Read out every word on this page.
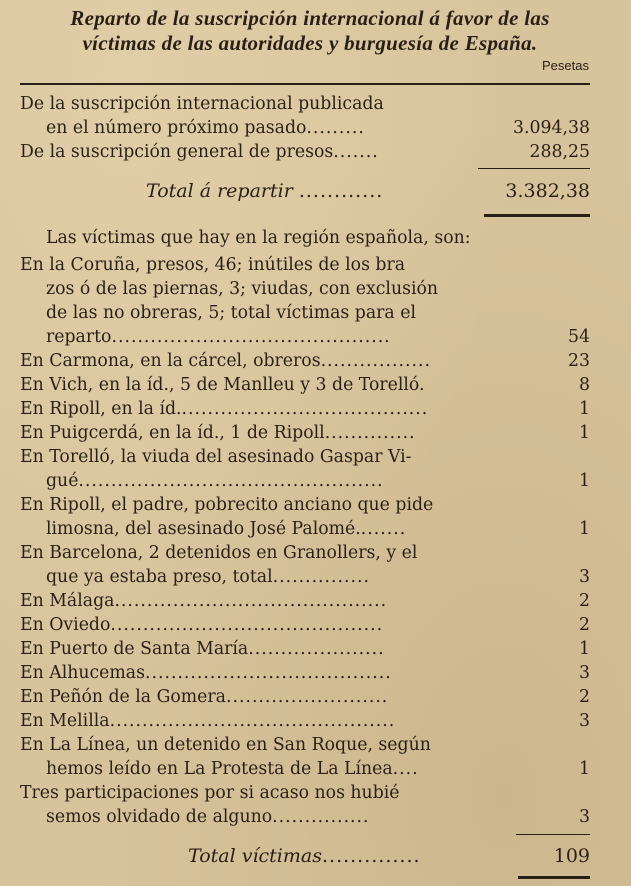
Reparto de la suscripción internacional á favor de las
víctimas de las autoridades y burguesía de España.
Pesetas
De la suscripción internacional publicada
en el número próximo pasado.........	3.094,38
De la suscripción general de presos.......	288,25
Total á repartir ............	3.382,38
Las víctimas que hay en la región española, son:
En la Coruña, presos, 46; inútiles de los bra
zos ó de las piernas, 3; viudas, con exclusión
de las no obreras, 5; total víctimas para el
reparto...........................................	54
En Carmona, en la cárcel, obreros.................	23
En Vich, en la íd., 5 de Manlleu y 3 de Torelló.	8
En Ripoll, en la íd.......................................	1
En Puigcerdá, en la íd., 1 de Ripoll..............	1
En Torelló, la viuda del asesinado Gaspar Vi-
gué...............................................	1
En Ripoll, el padre, pobrecito anciano que pide
limosna, del asesinado José Palomé........	1
En Barcelona, 2 detenidos en Granollers, y el
que ya estaba preso, total...............	3
En Málaga..........................................	2
En Oviedo..........................................	2
En Puerto de Santa María.....................	1
En Alhucemas......................................	3
En Peñón de la Gomera.........................	2
En Melilla............................................	3
En La Línea, un detenido en San Roque, según
hemos leído en La Protesta de La Línea....	1
Tres participaciones por si acaso nos hubié
semos olvidado de alguno...............	3
Total víctimas..............	109
